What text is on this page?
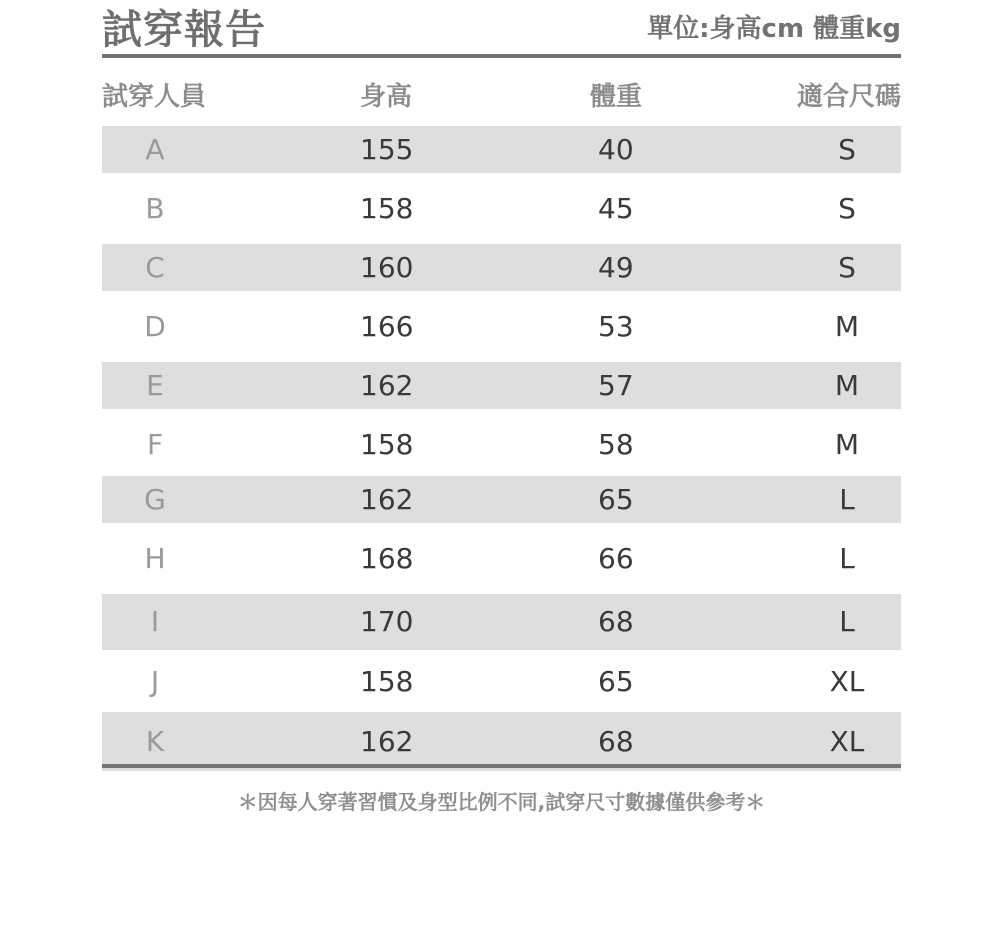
試穿報告	單位:身高cm 體重kg
試穿人員	身高	體重	適合尺碼
A	155	40	S
B	158	45	S
C	160	49	S
D	166	53	M
E	162	57	M
F	158	58	M
G	162	65	L
H	168	66	L
I	170	68	L
J	158	65	XL
K	162	68	XL
＊因每人穿著習慣及身型比例不同,試穿尺寸數據僅供參考＊
